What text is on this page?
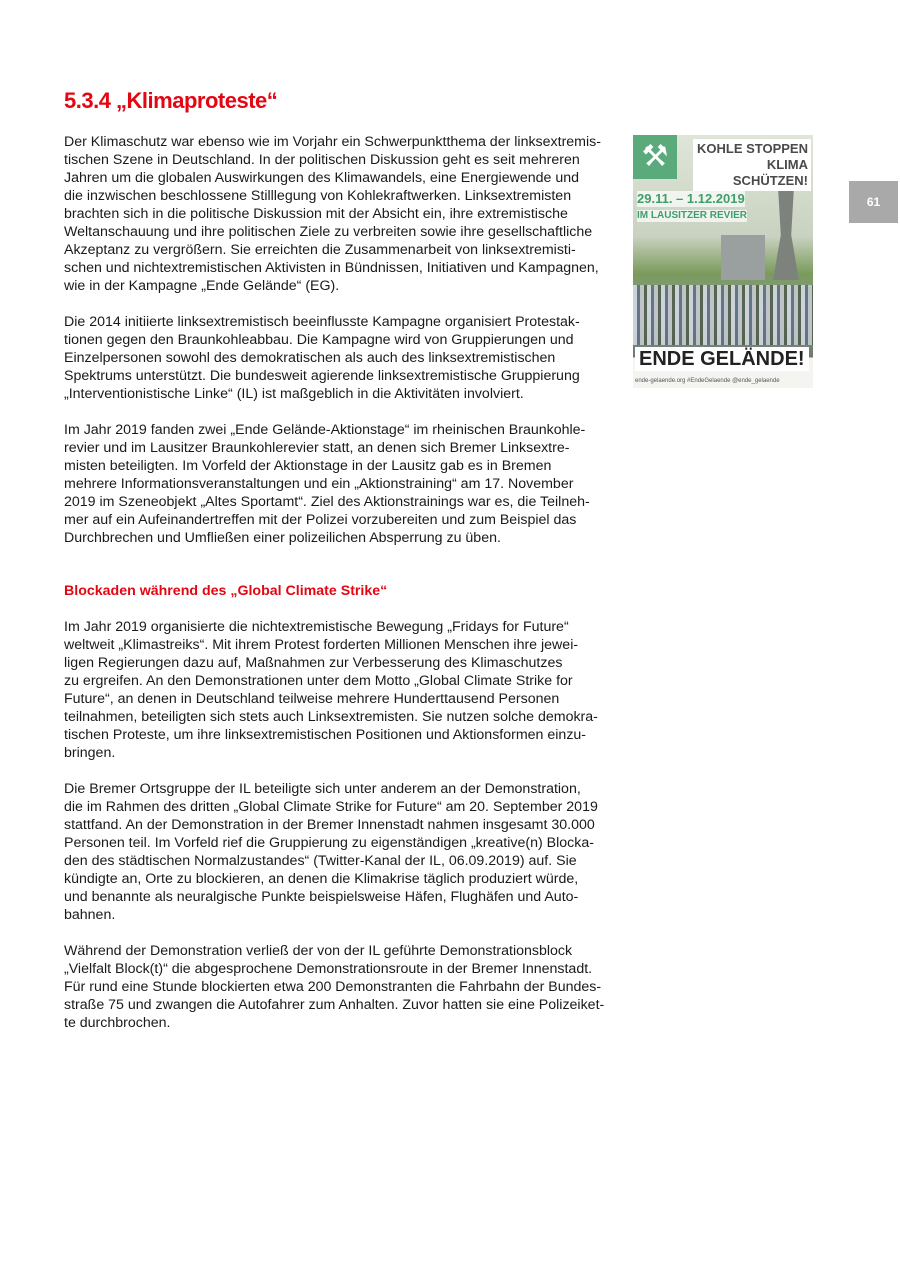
5.3.4 „Klimaproteste“
Der Klimaschutz war ebenso wie im Vorjahr ein Schwerpunktthema der linksextremis-
tischen Szene in Deutschland. In der politischen Diskussion geht es seit mehreren
Jahren um die globalen Auswirkungen des Klimawandels, eine Energiewende und
die inzwischen beschlossene Stilllegung von Kohlekraftwerken. Linksextremisten
brachten sich in die politische Diskussion mit der Absicht ein, ihre extremistische
Weltanschauung und ihre politischen Ziele zu verbreiten sowie ihre gesellschaftliche
Akzeptanz zu vergrößern. Sie erreichten die Zusammenarbeit von linksextremisti-
schen und nichtextremistischen Aktivisten in Bündnissen, Initiativen und Kampagnen,
wie in der Kampagne „Ende Gelände“ (EG).
Die 2014 initiierte linksextremistisch beeinflusste Kampagne organisiert Protestak-
tionen gegen den Braunkohleabbau. Die Kampagne wird von Gruppierungen und
Einzelpersonen sowohl des demokratischen als auch des linksextremistischen
Spektrums unterstützt. Die bundesweit agierende linksextremistische Gruppierung
„Interventionistische Linke“ (IL) ist maßgeblich in die Aktivitäten involviert.
Im Jahr 2019 fanden zwei „Ende Gelände-Aktionstage“ im rheinischen Braunkohle-
revier und im Lausitzer Braunkohlerevier statt, an denen sich Bremer Linksextre-
misten beteiligten. Im Vorfeld der Aktionstage in der Lausitz gab es in Bremen
mehrere Informationsveranstaltungen und ein „Aktionstraining“ am 17. November
2019 im Szeneobjekt „Altes Sportamt“. Ziel des Aktionstrainings war es, die Teilneh-
mer auf ein Aufeinandertreffen mit der Polizei vorzubereiten und zum Beispiel das
Durchbrechen und Umfließen einer polizeilichen Absperrung zu üben.
Blockaden während des „Global Climate Strike“
Im Jahr 2019 organisierte die nichtextremistische Bewegung „Fridays for Future“
weltweit „Klimastreiks“. Mit ihrem Protest forderten Millionen Menschen ihre jewei-
ligen Regierungen dazu auf, Maßnahmen zur Verbesserung des Klimaschutzes
zu ergreifen. An den Demonstrationen unter dem Motto „Global Climate Strike for
Future“, an denen in Deutschland teilweise mehrere Hunderttausend Personen
teilnahmen, beteiligten sich stets auch Linksextremisten. Sie nutzen solche demokra-
tischen Proteste, um ihre linksextremistischen Positionen und Aktionsformen einzu-
bringen.
Die Bremer Ortsgruppe der IL beteiligte sich unter anderem an der Demonstration,
die im Rahmen des dritten „Global Climate Strike for Future“ am 20. September 2019
stattfand. An der Demonstration in der Bremer Innenstadt nahmen insgesamt 30.000
Personen teil. Im Vorfeld rief die Gruppierung zu eigenständigen „kreative(n) Blocka-
den des städtischen Normalzustandes“ (Twitter-Kanal der IL, 06.09.2019) auf. Sie
kündigte an, Orte zu blockieren, an denen die Klimakrise täglich produziert würde,
und benannte als neuralgische Punkte beispielsweise Häfen, Flughäfen und Auto-
bahnen.
Während der Demonstration verließ der von der IL geführte Demonstrationsblock
„Vielfalt Block(t)“ die abgesprochene Demonstrationsroute in der Bremer Innenstadt.
Für rund eine Stunde blockierten etwa 200 Demonstranten die Fahrbahn der Bundes-
straße 75 und zwangen die Autofahrer zum Anhalten. Zuvor hatten sie eine Polizeiket-
te durchbrochen.
⚒	KOHLE STOPPEN KLIMA SCHÜTZEN!
29.11. – 1.12.2019
IM LAUSITZER REVIER
ENDE GELÄNDE!
ende-gelaende.org #EndeGelaende @ende_gelaende
61
